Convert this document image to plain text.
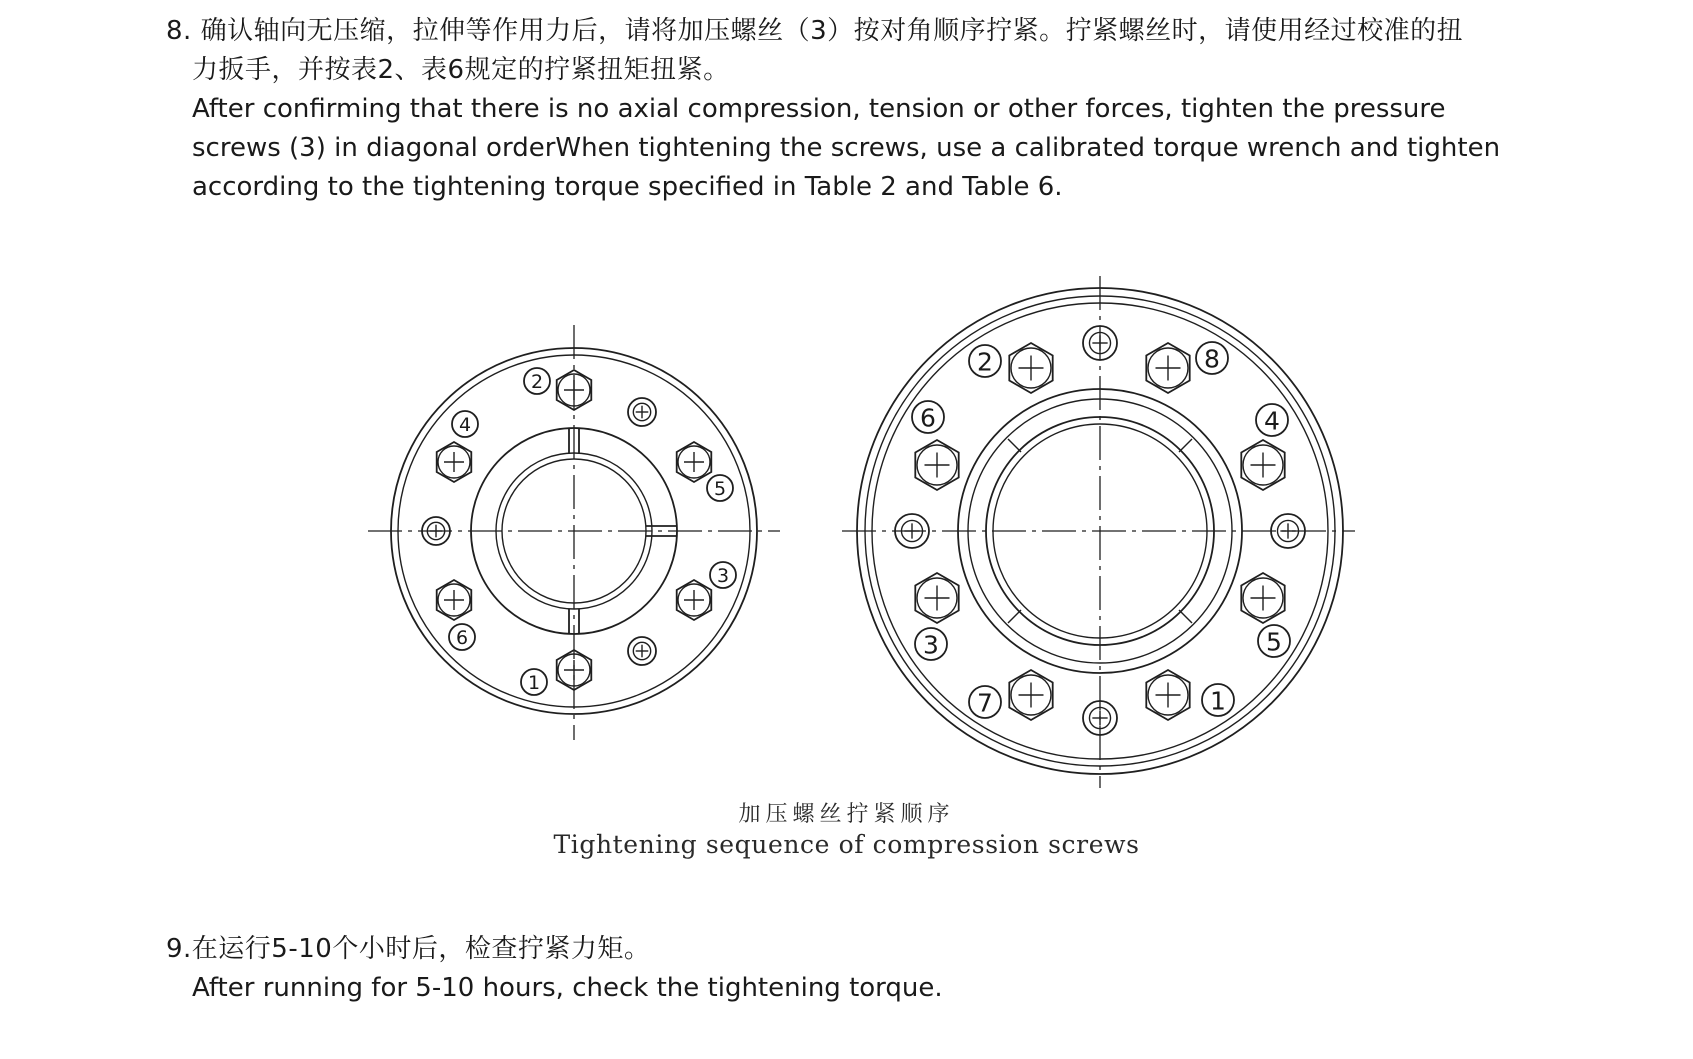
8. 确认轴向无压缩，拉伸等作用力后，请将加压螺丝（3）按对角顺序拧紧。拧紧螺丝时，请使用经过校准的扭
力扳手，并按表2、表6规定的拧紧扭矩扭紧。
After confirming that there is no axial compression, tension or other forces, tighten the pressure
screws (3) in diagonal orderWhen tightening the screws, use a calibrated torque wrench and tighten
according to the tightening torque specified in Table 2 and Table 6.
2
4
5
3
6
1
2	8
6	4
3	5
7	1
加压螺丝拧紧顺序
Tightening sequence of compression screws
9.在运行5-10个小时后，检查拧紧力矩。
After running for 5-10 hours, check the tightening torque.
